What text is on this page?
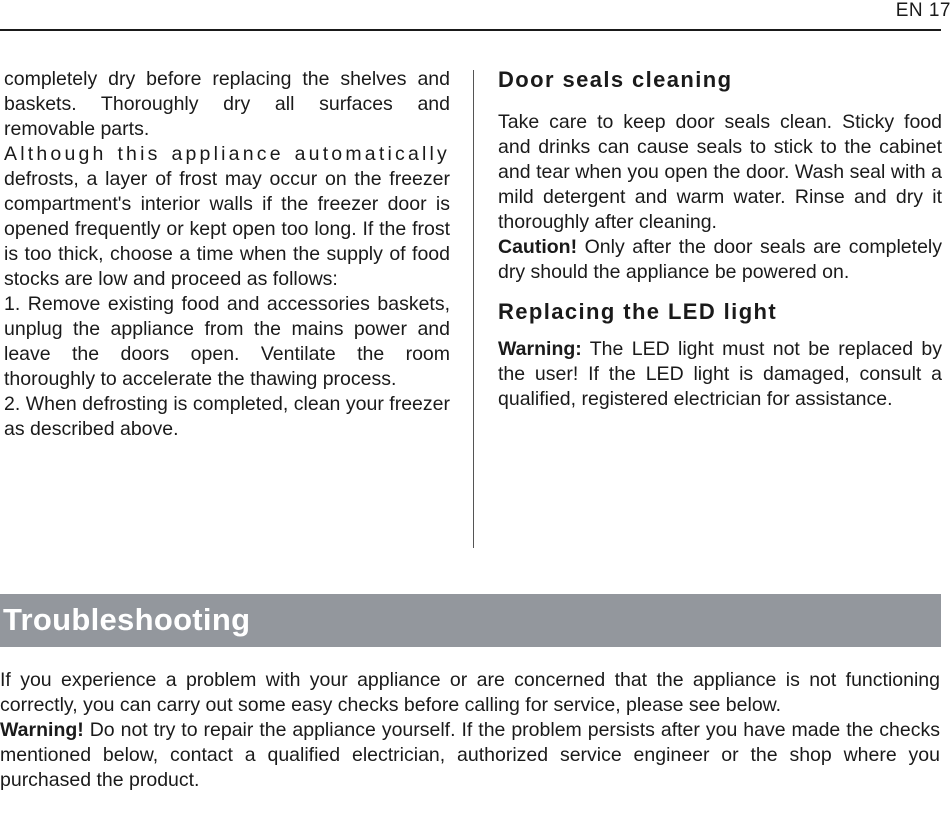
EN 17

completely dry before replacing the shelves and baskets. Thoroughly dry all surfaces and removable parts.

Although this appliance automatically defrosts, a layer of frost may occur on the freezer compartment's interior walls if the freezer door is opened frequently or kept open too long. If the frost is too thick, choose a time when the supply of food stocks are low and proceed as follows:

1. Remove existing food and accessories baskets, unplug the appliance from the mains power and leave the doors open. Ventilate the room thoroughly to accelerate the thawing process.

2. When defrosting is completed, clean your freezer as described above.

Door seals cleaning

Take care to keep door seals clean. Sticky food and drinks can cause seals to stick to the cabinet and tear when you open the door. Wash seal with a mild detergent and warm water. Rinse and dry it thoroughly after cleaning.

Caution! Only after the door seals are completely dry should the appliance be powered on.

Replacing the LED light

Warning: The LED light must not be replaced by the user! If the LED light is damaged, consult a qualified, registered electrician for assistance.

Troubleshooting

If you experience a problem with your appliance or are concerned that the appliance is not functioning correctly, you can carry out some easy checks before calling for service, please see below.

Warning! Do not try to repair the appliance yourself. If the problem persists after you have made the checks mentioned below, contact a qualified electrician, authorized service engineer or the shop where you purchased the product.
